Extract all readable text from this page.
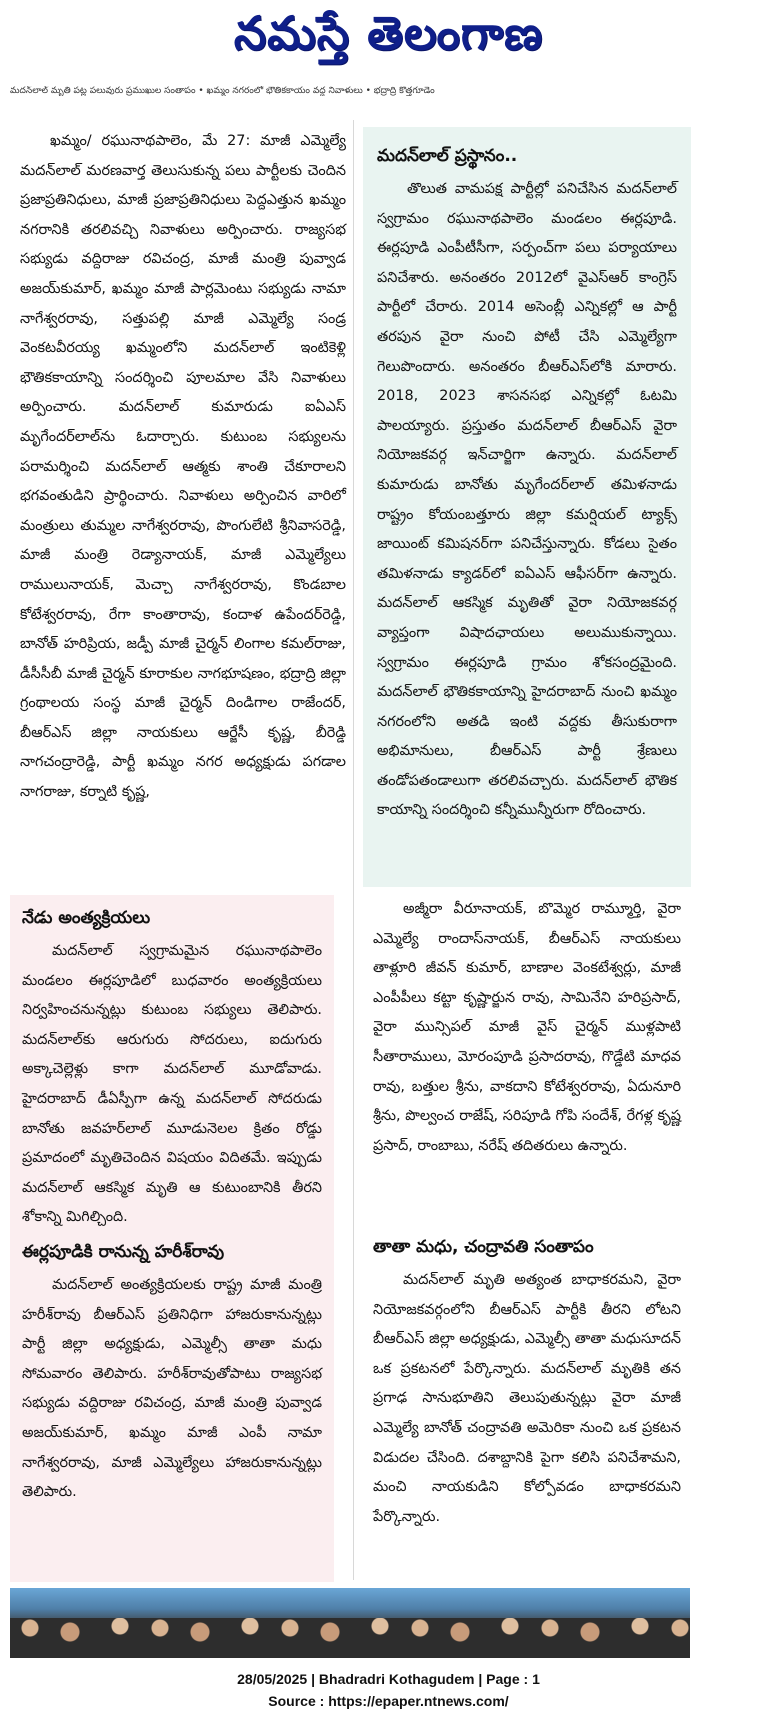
నమస్తే తెలంగాణ
మదన్‌లాల్ మృతి పట్ల పలువురు ప్రముఖుల సంతాపం • ఖమ్మం నగరంలో భౌతికకాయం వద్ద నివాళులు • భద్రాద్రి కొత్తగూడెం

ఖమ్మం/ రఘునాథపాలెం, మే 27: మాజీ ఎమ్మెల్యే మదన్‌లాల్ మరణవార్త తెలుసుకున్న పలు పార్టీలకు చెందిన ప్రజాప్రతినిధులు, మాజీ ప్రజాప్రతినిధులు పెద్దఎత్తున ఖమ్మం నగరానికి తరలివచ్చి నివాళులు అర్పించారు. రాజ్యసభ సభ్యుడు వద్దిరాజు రవిచంద్ర, మాజీ మంత్రి పువ్వాడ అజయ్‌కుమార్, ఖమ్మం మాజీ పార్లమెంటు సభ్యుడు నామా నాగేశ్వరరావు, సత్తుపల్లి మాజీ ఎమ్మెల్యే సండ్ర వెంకటవీరయ్య ఖమ్మంలోని మదన్‌లాల్ ఇంటికెళ్లి భౌతికకాయాన్ని సందర్శించి పూలమాల వేసి నివాళులు అర్పించారు. మదన్‌లాల్ కుమారుడు ఐఏఎస్ మృగేందర్‌లాల్‌ను ఓదార్చారు. కుటుంబ సభ్యులను పరామర్శించి మదన్‌లాల్ ఆత్మకు శాంతి చేకూరాలని భగవంతుడిని ప్రార్థించారు. నివాళులు అర్పించిన వారిలో మంత్రులు తుమ్మల నాగేశ్వరరావు, పొంగులేటి శ్రీనివాసరెడ్డి, మాజీ మంత్రి రెడ్యానాయక్, మాజీ ఎమ్మెల్యేలు రాములునాయక్, మెచ్చా నాగేశ్వరరావు, కొండబాల కోటేశ్వరరావు, రేగా కాంతారావు, కందాళ ఉపేందర్‌రెడ్డి, బానోత్ హరిప్రియ, జడ్పీ మాజీ చైర్మన్ లింగాల కమల్‌రాజు, డీసీసీబీ మాజీ చైర్మన్ కూరాకుల నాగభూషణం, భద్రాద్రి జిల్లా గ్రంథాలయ సంస్థ మాజీ చైర్మన్ దిండిగాల రాజేందర్, బీఆర్‌ఎస్ జిల్లా నాయకులు ఆర్జేసీ కృష్ణ, బీరెడ్డి నాగచంద్రారెడ్డి, పార్టీ ఖమ్మం నగర అధ్యక్షుడు పగడాల నాగరాజు, కర్నాటి కృష్ణ,

మదన్‌లాల్ ప్రస్థానం..

తొలుత వామపక్ష పార్టీల్లో పనిచేసిన మదన్‌లాల్ స్వగ్రామం రఘునాథపాలెం మండలం ఈర్లపూడి. ఈర్లపూడి ఎంపీటీసీగా, సర్పంచ్‌గా పలు పర్యాయాలు పనిచేశారు. అనంతరం 2012లో వైఎస్‌ఆర్ కాంగ్రెస్ పార్టీలో చేరారు. 2014 అసెంబ్లీ ఎన్నికల్లో ఆ పార్టీ తరపున వైరా నుంచి పోటీ చేసి ఎమ్మెల్యేగా గెలుపొందారు. అనంతరం బీఆర్‌ఎస్‌లోకి మారారు. 2018, 2023 శాసనసభ ఎన్నికల్లో ఓటమి పాలయ్యారు. ప్రస్తుతం మదన్‌లాల్ బీఆర్‌ఎస్ వైరా నియోజకవర్గ ఇన్‌చార్జిగా ఉన్నారు. మదన్‌లాల్ కుమారుడు బానోతు మృగేందర్‌లాల్ తమిళనాడు రాష్ట్రం కోయంబత్తూరు జిల్లా కమర్షియల్ ట్యాక్స్ జాయింట్ కమిషనర్‌గా పనిచేస్తున్నారు. కోడలు సైతం తమిళనాడు క్యాడర్‌లో ఐఏఎస్ ఆఫీసర్‌గా ఉన్నారు. మదన్‌లాల్ ఆకస్మిక మృతితో వైరా నియోజకవర్గ వ్యాప్తంగా విషాదఛాయలు అలుముకున్నాయి. స్వగ్రామం ఈర్లపూడి గ్రామం శోకసంద్రమైంది. మదన్‌లాల్ భౌతికకాయాన్ని హైదరాబాద్ నుంచి ఖమ్మం నగరంలోని అతడి ఇంటి వద్దకు తీసుకురాగా అభిమానులు, బీఆర్‌ఎస్ పార్టీ శ్రేణులు తండోపతండాలుగా తరలివచ్చారు. మదన్‌లాల్ భౌతిక కాయాన్ని సందర్శించి కన్నీమున్నీరుగా రోదించారు.

నేడు అంత్యక్రియలు

మదన్‌లాల్ స్వగ్రామమైన రఘునాథపాలెం మండలం ఈర్లపూడిలో బుధవారం అంత్యక్రియలు నిర్వహించనున్నట్లు కుటుంబ సభ్యులు తెలిపారు. మదన్‌లాల్‌కు ఆరుగురు సోదరులు, ఐదుగురు అక్కాచెల్లెళ్లు కాగా మదన్‌లాల్ మూడోవాడు. హైదరాబాద్ డీఏస్పీగా ఉన్న మదన్‌లాల్ సోదరుడు బానోతు జవహర్‌లాల్ మూడునెలల క్రితం రోడ్డు ప్రమాదంలో మృతిచెందిన విషయం విదితమే. ఇప్పుడు మదన్‌లాల్ ఆకస్మిక మృతి ఆ కుటుంబానికి తీరని శోకాన్ని మిగిల్చింది.

ఈర్లపూడికి రానున్న హరీశ్‌రావు

మదన్‌లాల్ అంత్యక్రియలకు రాష్ట్ర మాజీ మంత్రి హరీశ్‌రావు బీఆర్‌ఎస్ ప్రతినిధిగా హాజరుకానున్నట్లు పార్టీ జిల్లా అధ్యక్షుడు, ఎమ్మెల్సీ తాతా మధు సోమవారం తెలిపారు. హరీశ్‌రావుతోపాటు రాజ్యసభ సభ్యుడు వద్దిరాజు రవిచంద్ర, మాజీ మంత్రి పువ్వాడ అజయ్‌కుమార్, ఖమ్మం మాజీ ఎంపీ నామా నాగేశ్వరరావు, మాజీ ఎమ్మెల్యేలు హాజరుకానున్నట్లు తెలిపారు.

అజ్మీరా వీరూనాయక్, బొమ్మెర రామ్మూర్తి, వైరా ఎమ్మెల్యే రాందాస్‌నాయక్, బీఆర్‌ఎస్ నాయకులు తాళ్లూరి జీవన్ కుమార్, బాణాల వెంకటేశ్వర్లు, మాజీ ఎంపీపీలు కట్టా కృష్ణార్జున రావు, సామినేని హరిప్రసాద్, వైరా మున్సిపల్ మాజీ వైస్ చైర్మన్ ముళ్లపాటి సీతారాములు, మోరంపూడి ప్రసాదరావు, గొడ్డేటి మాధవ రావు, బత్తుల శ్రీను, వాకదాని కోటేశ్వరరావు, ఏదునూరి శ్రీను, పొల్వంచ రాజేష్, సరిపూడి గోపి సందేశ్, రేగళ్ల కృష్ణ ప్రసాద్, రాంబాబు, నరేష్ తదితరులు ఉన్నారు.

తాతా మధు, చంద్రావతి సంతాపం

మదన్‌లాల్ మృతి అత్యంత బాధాకరమని, వైరా నియోజకవర్గంలోని బీఆర్‌ఎస్ పార్టీకి తీరని లోటని బీఆర్‌ఎస్ జిల్లా అధ్యక్షుడు, ఎమ్మెల్సీ తాతా మధుసూదన్ ఒక ప్రకటనలో పేర్కొన్నారు. మదన్‌లాల్ మృతికి తన ప్రగాఢ సానుభూతిని తెలుపుతున్నట్లు వైరా మాజీ ఎమ్మెల్యే బానోత్ చంద్రావతి అమెరికా నుంచి ఒక ప్రకటన విడుదల చేసింది. దశాబ్దానికి పైగా కలిసి పనిచేశామని, మంచి నాయకుడిని కోల్పోవడం బాధాకరమని పేర్కొన్నారు.

28/05/2025 | Bhadradri Kothagudem | Page : 1
Source : https://epaper.ntnews.com/
